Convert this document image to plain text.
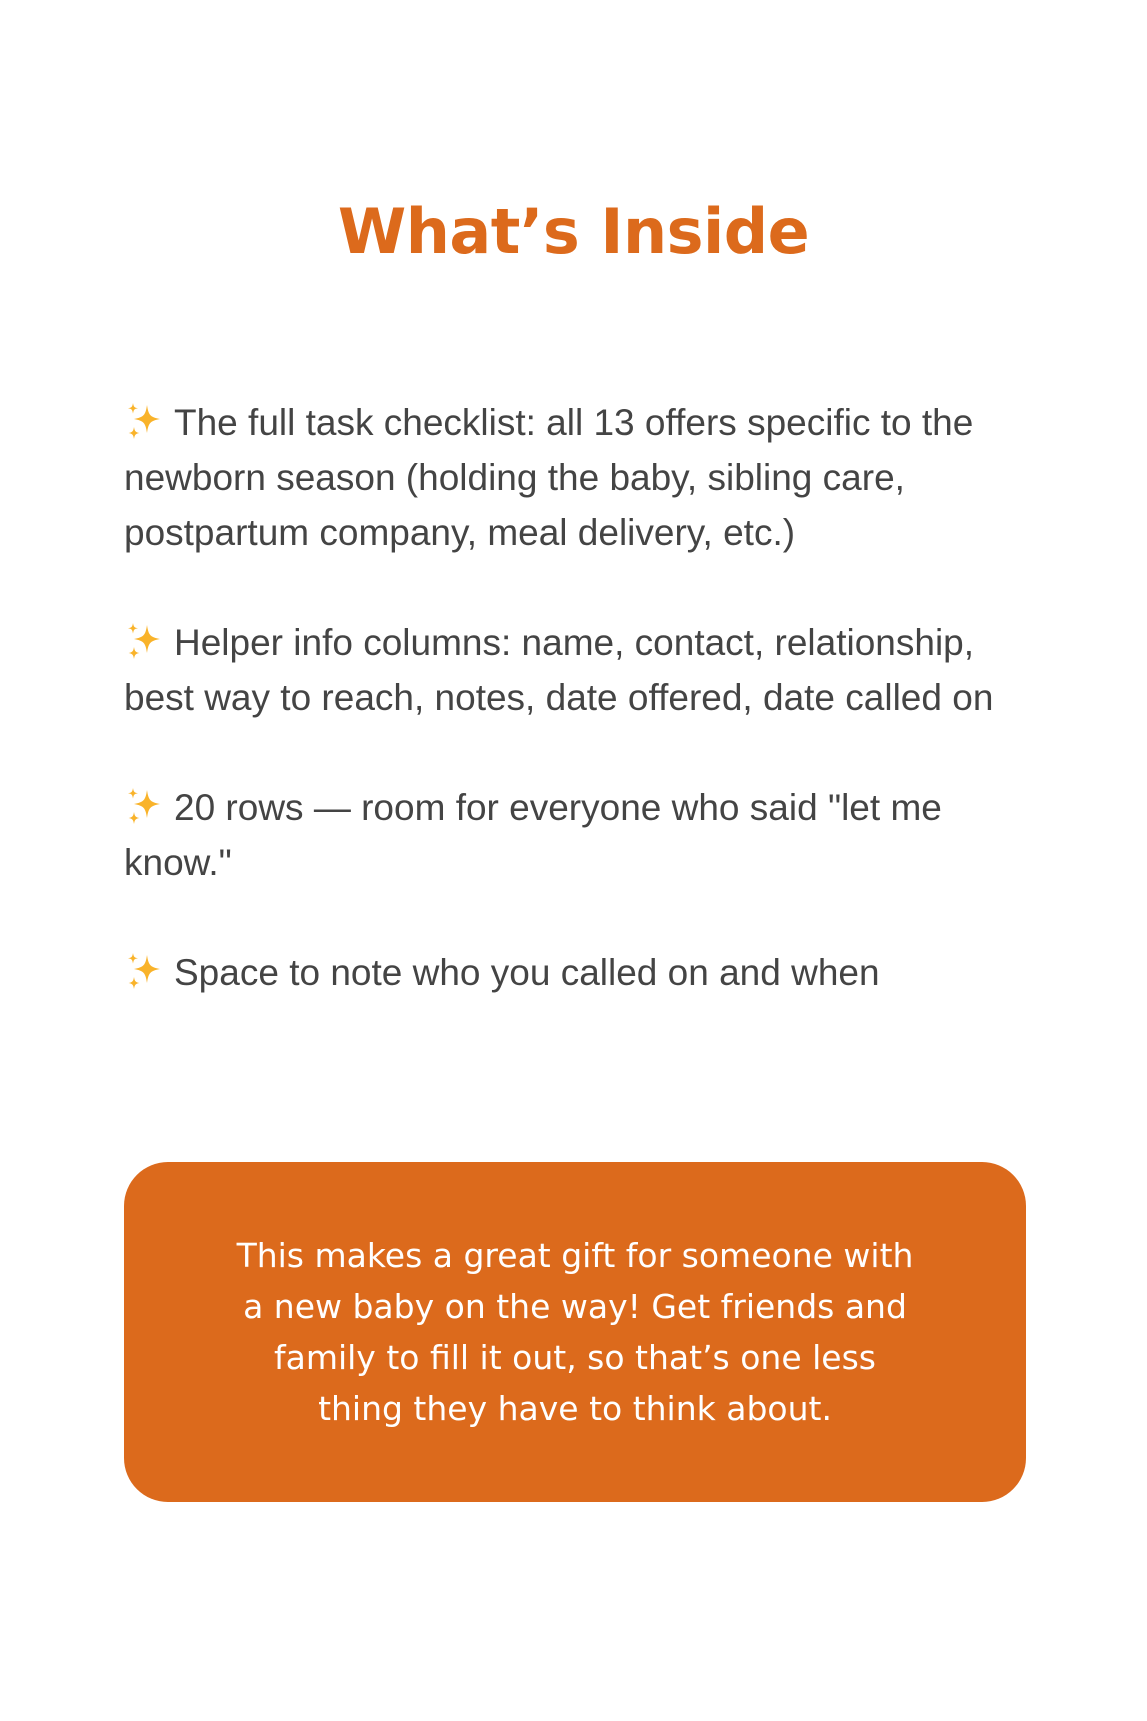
What’s Inside

The full task checklist: all 13 offers specific to the newborn season (holding the baby, sibling care, postpartum company, meal delivery, etc.)

Helper info columns: name, contact, relationship, best way to reach, notes, date offered, date called on

20 rows — room for everyone who said "let me know."

Space to note who you called on and when

This makes a great gift for someone with a new baby on the way! Get friends and family to fill it out, so that’s one less thing they have to think about.
